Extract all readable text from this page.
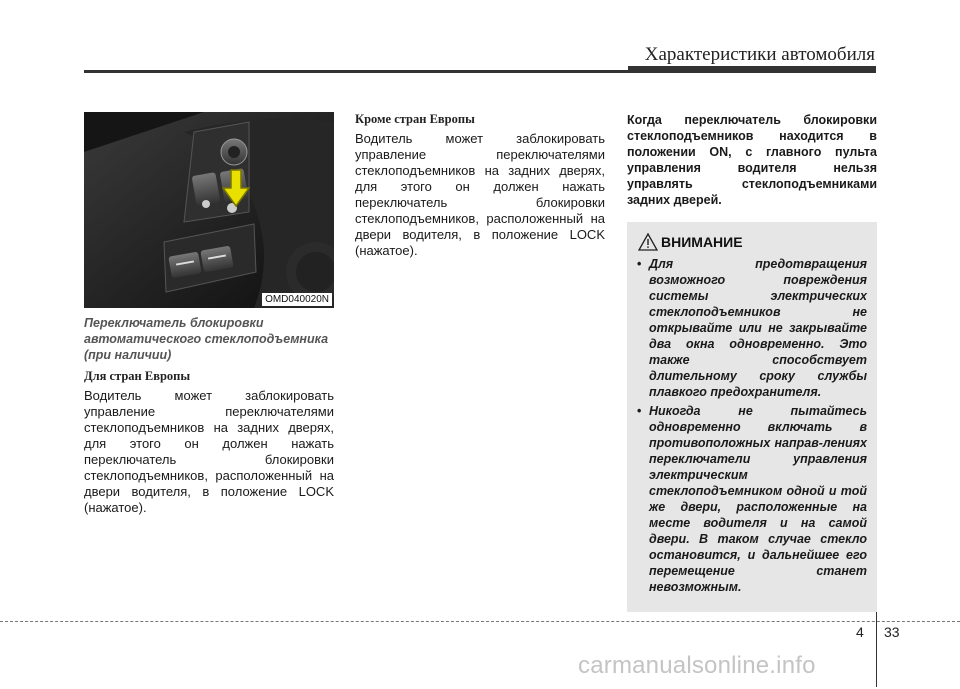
Характеристики автомобиля
OMD040020N
Переключатель блокировки автоматического стеклоподъемника (при наличии)
Для стран Европы

Водитель может заблокировать управление переключателями стеклоподъемников на задних дверях, для этого он должен нажать переключатель блокировки стеклоподъемников, расположенный на двери водителя, в положение LOCK (нажатое).

Кроме стран Европы

Водитель может заблокировать управление переключателями стеклоподъемников на задних дверях, для этого он должен нажать переключатель блокировки стеклоподъемников, расположенный на двери водителя, в положение LOCK (нажатое).

Когда переключатель блокировки стеклоподъемников находится в положении ON, с главного пульта управления водителя нельзя управлять стеклоподъемниками задних дверей.

ВНИМАНИЕ
• Для предотвращения возможного повреждения системы электрических стеклоподъемников не открывайте или не закрывайте два окна одновременно. Это также способствует длительному сроку службы плавкого предохранителя.
• Никогда не пытайтесь одновременно включать в противоположных направ-лениях переключатели управления электрическим стеклоподъемником одной и той же двери, расположенные на месте водителя и на самой двери. В таком случае стекло остановится, и дальнейшее его перемещение станет невозможным.
4 33
carmanualsonline.info
